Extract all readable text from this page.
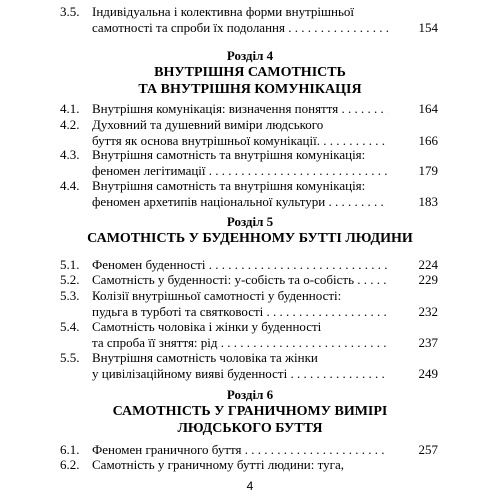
3.5. Індивідуальна і колективна форми внутрішньої
самотності та спроби їх подолання . . .	154
Розділ 4
ВНУТРІШНЯ САМОТНІСТЬ
ТА ВНУТРІШНЯ КОМУНІКАЦІЯ
4.1. Внутрішня комунікація: визначення поняття . . .	164
4.2. Духовний та душевний виміри людського
буття як основа внутрішньої комунікації. . . .	166
4.3. Внутрішня самотність та внутрішня комунікація:
феномен легітимації . . .	179
4.4. Внутрішня самотність та внутрішня комунікація:
феномен архетипів національної культури . . .	183
Розділ 5
САМОТНІСТЬ У БУДЕННОМУ БУТТІ ЛЮДИНИ
5.1. Феномен буденності . . .	224
5.2. Самотність у буденності: у-собість та о-собість . . .	229
5.3. Колізії внутрішньої самотності у буденності:
пудьга в турботі та святковості . . .	232
5.4. Самотність чоловіка і жінки у буденності
та спроба її зняття: рід . . .	237
5.5. Внутрішня самотність чоловіка та жінки
у цивілізаційному вияві буденності . . .	249
Розділ 6
САМОТНІСТЬ У ГРАНИЧНОМУ ВИМІРІ
ЛЮДСЬКОГО БУТТЯ
6.1. Феномен граничного буття . . .	257
6.2. Самотність у граничному бутті людини: туга,
4
